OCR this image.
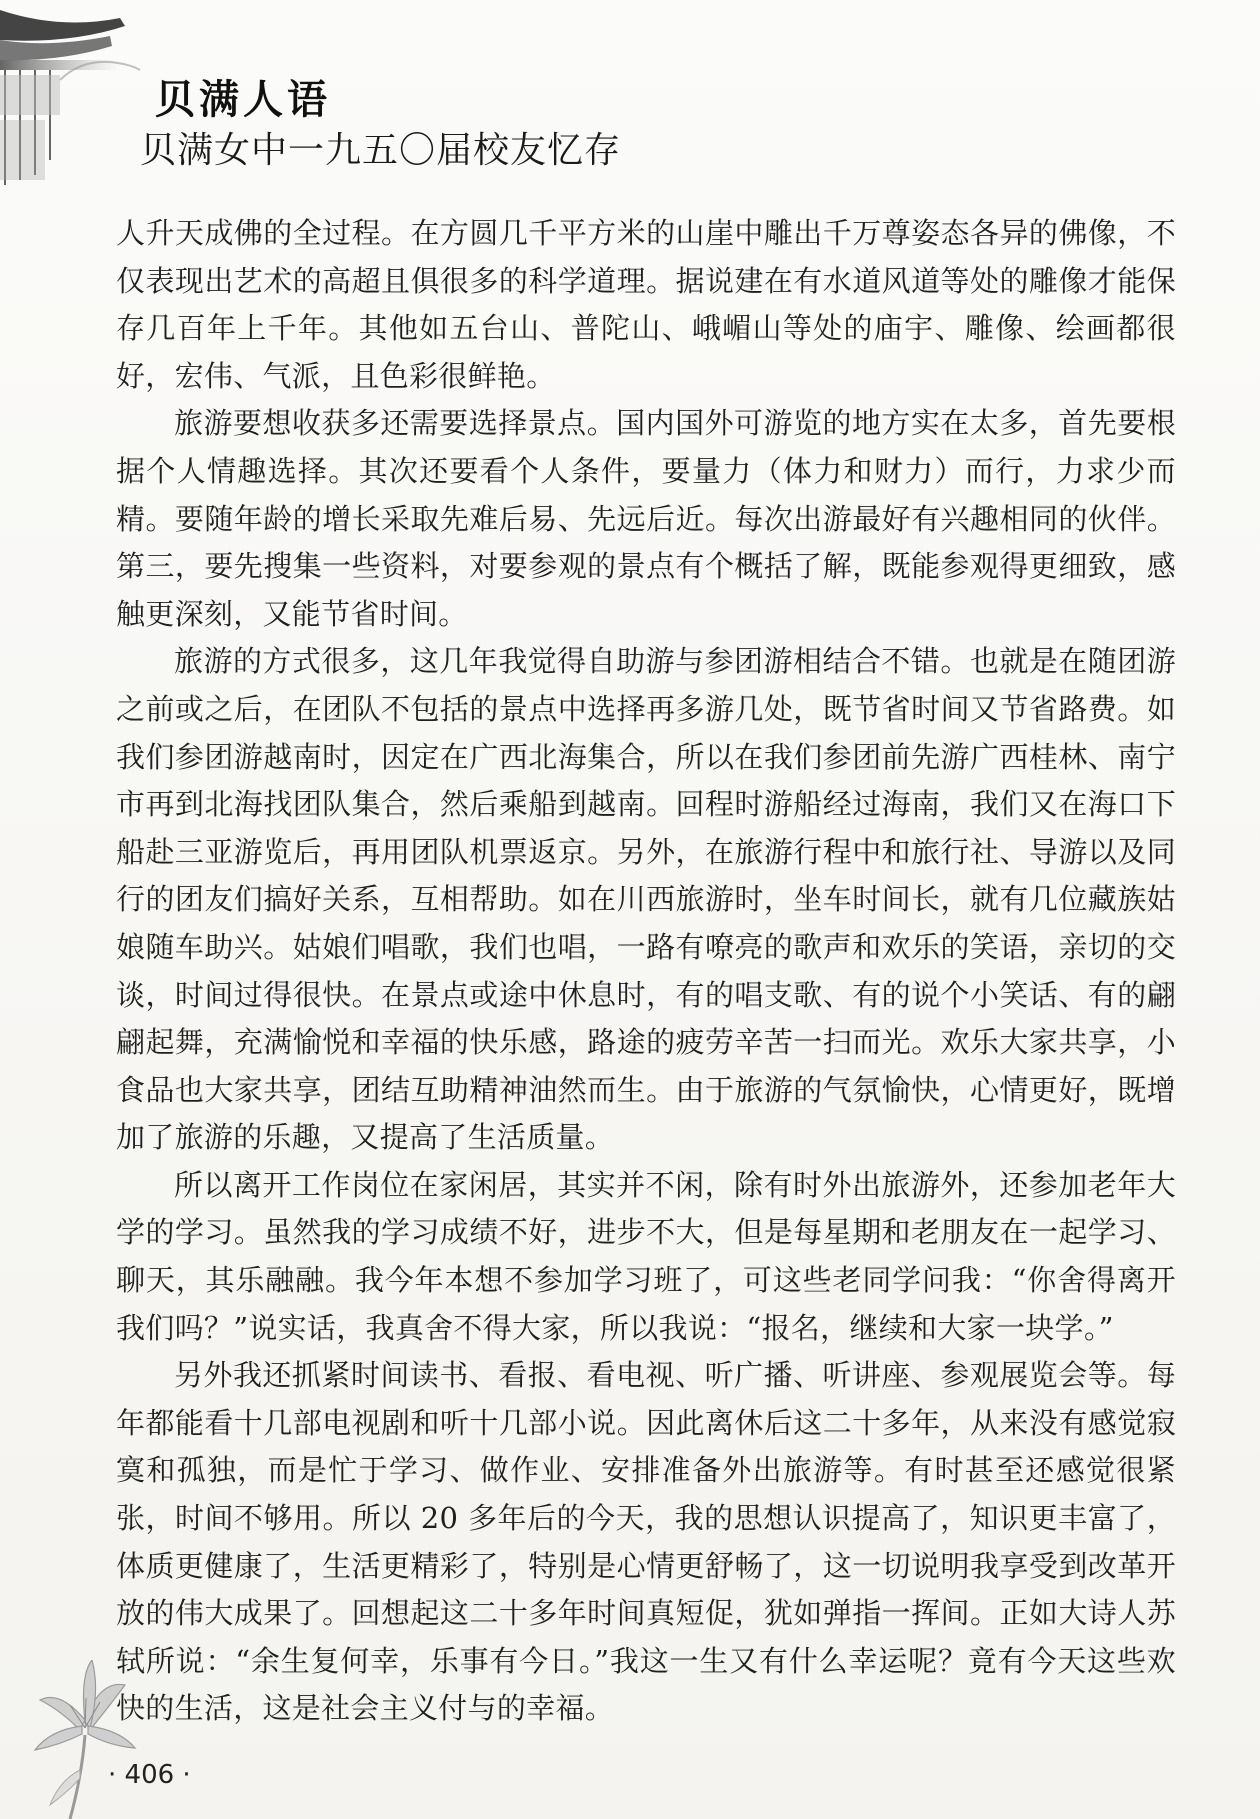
贝满人语
贝满女中一九五〇届校友忆存

人升天成佛的全过程。在方圆几千平方米的山崖中雕出千万尊姿态各异的佛像，不仅表现出艺术的高超且俱很多的科学道理。据说建在有水道风道等处的雕像才能保存几百年上千年。其他如五台山、普陀山、峨嵋山等处的庙宇、雕像、绘画都很好，宏伟、气派，且色彩很鲜艳。

旅游要想收获多还需要选择景点。国内国外可游览的地方实在太多，首先要根据个人情趣选择。其次还要看个人条件，要量力（体力和财力）而行，力求少而精。要随年龄的增长采取先难后易、先远后近。每次出游最好有兴趣相同的伙伴。第三，要先搜集一些资料，对要参观的景点有个概括了解，既能参观得更细致，感触更深刻，又能节省时间。

旅游的方式很多，这几年我觉得自助游与参团游相结合不错。也就是在随团游之前或之后，在团队不包括的景点中选择再多游几处，既节省时间又节省路费。如我们参团游越南时，因定在广西北海集合，所以在我们参团前先游广西桂林、南宁市再到北海找团队集合，然后乘船到越南。回程时游船经过海南，我们又在海口下船赴三亚游览后，再用团队机票返京。另外，在旅游行程中和旅行社、导游以及同行的团友们搞好关系，互相帮助。如在川西旅游时，坐车时间长，就有几位藏族姑娘随车助兴。姑娘们唱歌，我们也唱，一路有嘹亮的歌声和欢乐的笑语，亲切的交谈，时间过得很快。在景点或途中休息时，有的唱支歌、有的说个小笑话、有的翩翩起舞，充满愉悦和幸福的快乐感，路途的疲劳辛苦一扫而光。欢乐大家共享，小食品也大家共享，团结互助精神油然而生。由于旅游的气氛愉快，心情更好，既增加了旅游的乐趣，又提高了生活质量。

所以离开工作岗位在家闲居，其实并不闲，除有时外出旅游外，还参加老年大学的学习。虽然我的学习成绩不好，进步不大，但是每星期和老朋友在一起学习、聊天，其乐融融。我今年本想不参加学习班了，可这些老同学问我：“你舍得离开我们吗？”说实话，我真舍不得大家，所以我说：“报名，继续和大家一块学。”

另外我还抓紧时间读书、看报、看电视、听广播、听讲座、参观展览会等。每年都能看十几部电视剧和听十几部小说。因此离休后这二十多年，从来没有感觉寂寞和孤独，而是忙于学习、做作业、安排准备外出旅游等。有时甚至还感觉很紧张，时间不够用。所以 20 多年后的今天，我的思想认识提高了，知识更丰富了，体质更健康了，生活更精彩了，特别是心情更舒畅了，这一切说明我享受到改革开放的伟大成果了。回想起这二十多年时间真短促，犹如弹指一挥间。正如大诗人苏轼所说：“余生复何幸，乐事有今日。”我这一生又有什么幸运呢？竟有今天这些欢快的生活，这是社会主义付与的幸福。

· 406 ·
